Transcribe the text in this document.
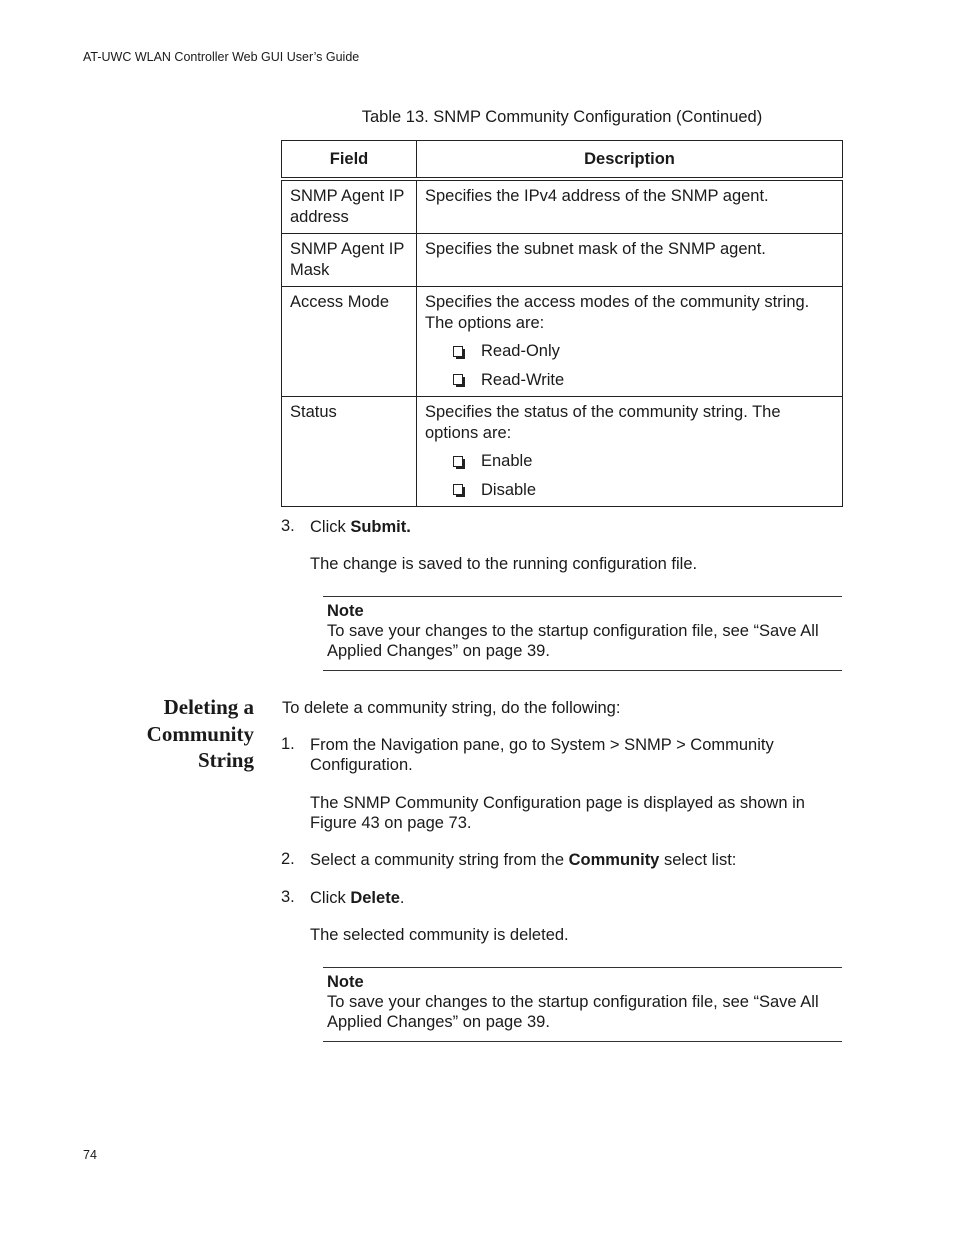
AT-UWC WLAN Controller Web GUI User’s Guide
Table 13. SNMP Community Configuration (Continued)
Field	Description
SNMP Agent IP address	Specifies the IPv4 address of the SNMP agent.
SNMP Agent IP Mask	Specifies the subnet mask of the SNMP agent.
Access Mode	Specifies the access modes of the community string. The options are:
Read-Only
Read-Write

Status	Specifies the status of the community string. The options are:
Enable
Disable
3. Click Submit.
The change is saved to the running configuration file.
Note
To save your changes to the startup configuration file, see “Save All Applied Changes” on page 39.
Deleting a Community String
To delete a community string, do the following:
1. From the Navigation pane, go to System > SNMP > Community Configuration.
The SNMP Community Configuration page is displayed as shown in Figure 43 on page 73.
2. Select a community string from the Community select list:
3. Click Delete.
The selected community is deleted.
Note
To save your changes to the startup configuration file, see “Save All Applied Changes” on page 39.
74
